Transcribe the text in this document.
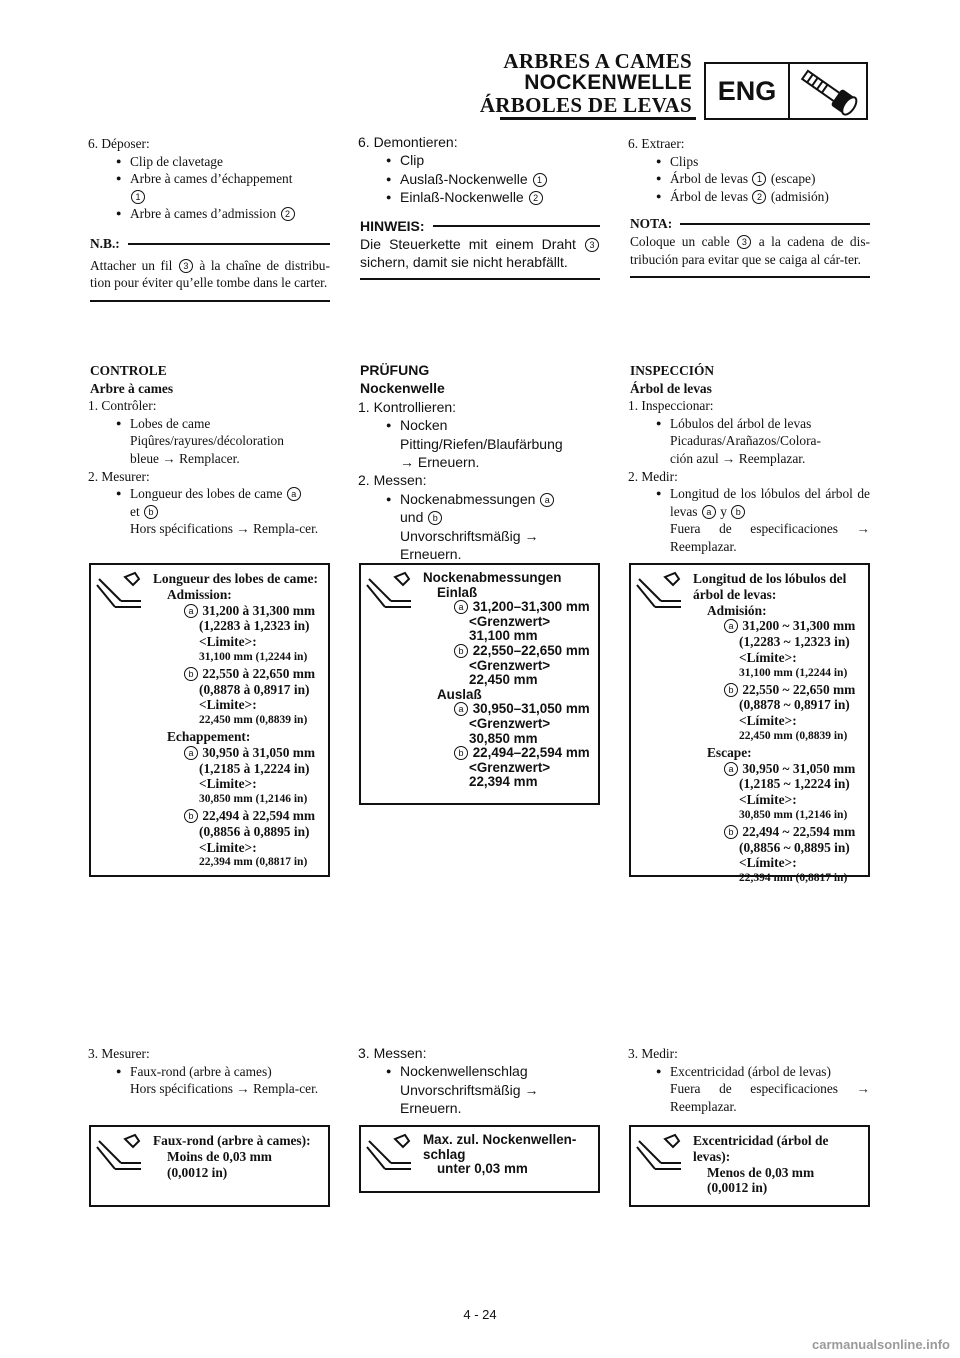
ARBRES A CAMES
NOCKENWELLE
ÁRBOLES DE LEVAS ENG

6. Déposer:

● Clip de clavetage

● Arbre à cames d’échappement
1

● Arbre à cames d’admission 2

N.B.:

Attacher un fil 3 à la chaîne de distribu-tion pour éviter qu’elle tombe dans le carter.

CONTROLE

Arbre à cames

1. Contrôler:

● Lobes de came

Piqûres/rayures/décoloration

bleue → Remplacer.

2. Mesurer:

● Longueur des lobes de came a
et b

Hors spécifications → Rempla-cer.

Longueur des lobes de came:
Admission:
a 31,200 à 31,300 mm
(1,2283 à 1,2323 in)
<Limite>:
31,100 mm (1,2244 in)
b 22,550 à 22,650 mm
(0,8878 à 0,8917 in)
<Limite>:
22,450 mm (0,8839 in)
Echappement:
a 30,950 à 31,050 mm
(1,2185 à 1,2224 in)
<Limite>:
30,850 mm (1,2146 in)
b 22,494 à 22,594 mm
(0,8856 à 0,8895 in)
<Limite>:
22,394 mm (0,8817 in)

3. Mesurer:

● Faux-rond (arbre à cames)

Hors spécifications → Rempla-cer.

Faux-rond (arbre à cames):
Moins de 0,03 mm
(0,0012 in)

6. Demontieren:

● Clip

● Auslaß-Nockenwelle 1

● Einlaß-Nockenwelle 2

HINWEIS:

Die Steuerkette mit einem Draht 3 sichern, damit sie nicht herabfällt.

PRÜFUNG

Nockenwelle

1. Kontrollieren:

● Nocken

Pitting/Riefen/Blaufärbung

→ Erneuern.

2. Messen:

● Nockenabmessungen a
und b

Unvorschriftsmäßig →

Erneuern.

Nockenabmessungen
Einlaß
a 31,200–31,300 mm
<Grenzwert>
31,100 mm
b 22,550–22,650 mm
<Grenzwert>
22,450 mm
Auslaß
a 30,950–31,050 mm
<Grenzwert>
30,850 mm
b 22,494–22,594 mm
<Grenzwert>
22,394 mm

3. Messen:

● Nockenwellenschlag

Unvorschriftsmäßig →

Erneuern.

Max. zul. Nockenwellen-schlag
unter 0,03 mm

6. Extraer:

● Clips

● Árbol de levas 1 (escape)

● Árbol de levas 2 (admisión)

NOTA:

Coloque un cable 3 a la cadena de dis-tribución para evitar que se caiga al cár-ter.

INSPECCIÓN

Árbol de levas

1. Inspeccionar:

● Lóbulos del árbol de levas

Picaduras/Arañazos/Colora-

ción azul → Reemplazar.

2. Medir:

● Longitud de los lóbulos del árbol de levas a y b

Fuera de especificaciones → Reemplazar.

Longitud de los lóbulos del árbol de levas:
Admisión:
a 31,200 ~ 31,300 mm
(1,2283 ~ 1,2323 in)
<Límite>:
31,100 mm (1,2244 in)
b 22,550 ~ 22,650 mm
(0,8878 ~ 0,8917 in)
<Límite>:
22,450 mm (0,8839 in)
Escape:
a 30,950 ~ 31,050 mm
(1,2185 ~ 1,2224 in)
<Límite>:
30,850 mm (1,2146 in)
b 22,494 ~ 22,594 mm
(0,8856 ~ 0,8895 in)
<Límite>:
22,394 mm (0,8817 in)

3. Medir:

● Excentricidad (árbol de levas)

Fuera de especificaciones → Reemplazar.

Excentricidad (árbol de levas):
Menos de 0,03 mm
(0,0012 in)
4 - 24
carmanualsonline.info
